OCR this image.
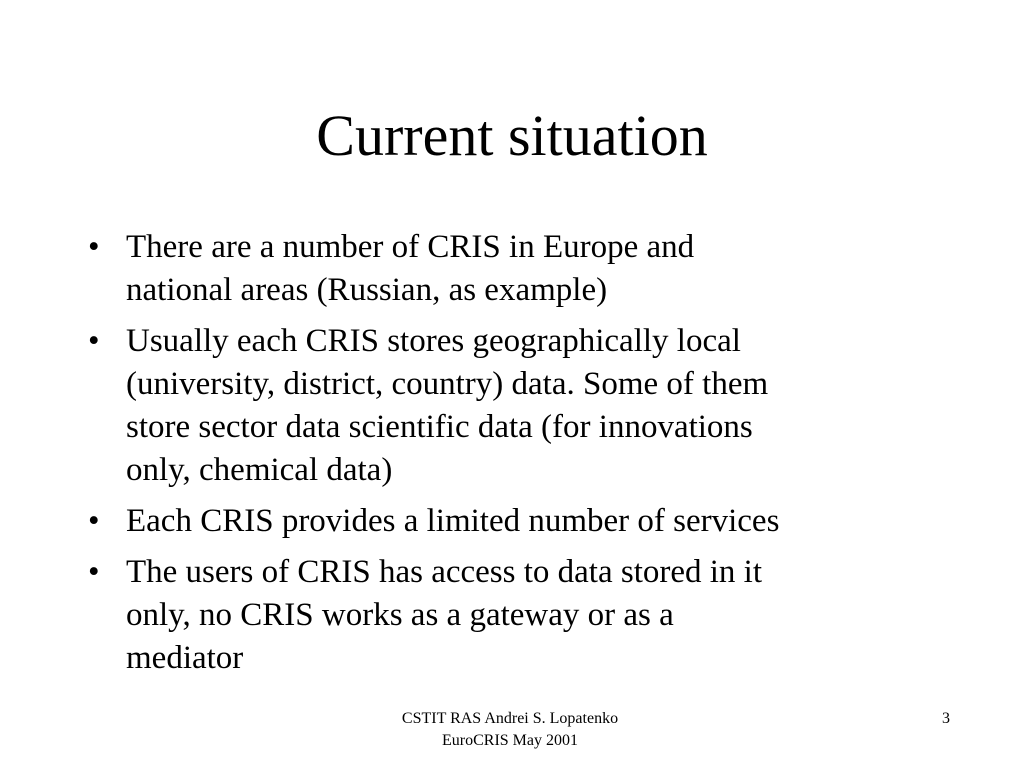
Current situation
• There are a number of CRIS in Europe and
national areas (Russian, as example)
• Usually each CRIS stores geographically local
(university, district, country) data. Some of them
store sector data scientific data (for innovations
only, chemical data)
• Each CRIS provides a limited number of services
• The users of CRIS has access to data stored in it
only, no CRIS works as a gateway or as a
mediator
CSTIT RAS Andrei S. Lopatenko
EuroCRIS May 2001
3
